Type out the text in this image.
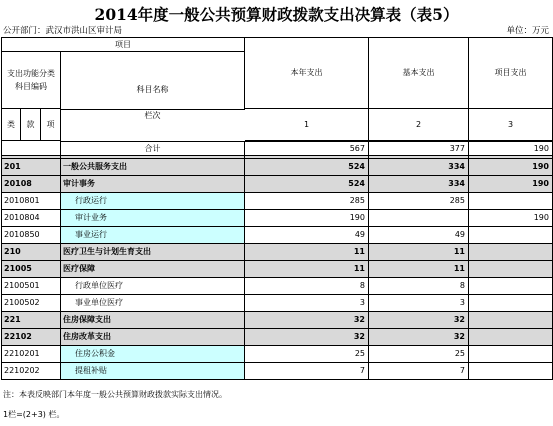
2014年度一般公共预算财政拨款支出决算表（表5）
公开部门：武汉市洪山区审计局	单位：万元
项目				本年支出	基本支出	项目支出
支出功能分类科目编码			科目名称			
类	款	项				
				1	2	3

			合计	567	377	190

201			一般公共服务支出	524	334	190
20108			审计事务	524	334	190
2010801			行政运行	285	285	
2010804			审计业务	190		190
2010850			事业运行	49	49	
210			医疗卫生与计划生育支出	11	11	
21005			医疗保障	11	11	
2100501			行政单位医疗	8	8	
2100502			事业单位医疗	3	3	
221			住房保障支出	32	32	
22102			住房改革支出	32	32	
2210201			住房公积金	25	25	
2210202			提租补贴	7	7	
注：本表反映部门本年度一般公共预算财政拨款实际支出情况。
1栏=(2+3) 栏。
栏次
